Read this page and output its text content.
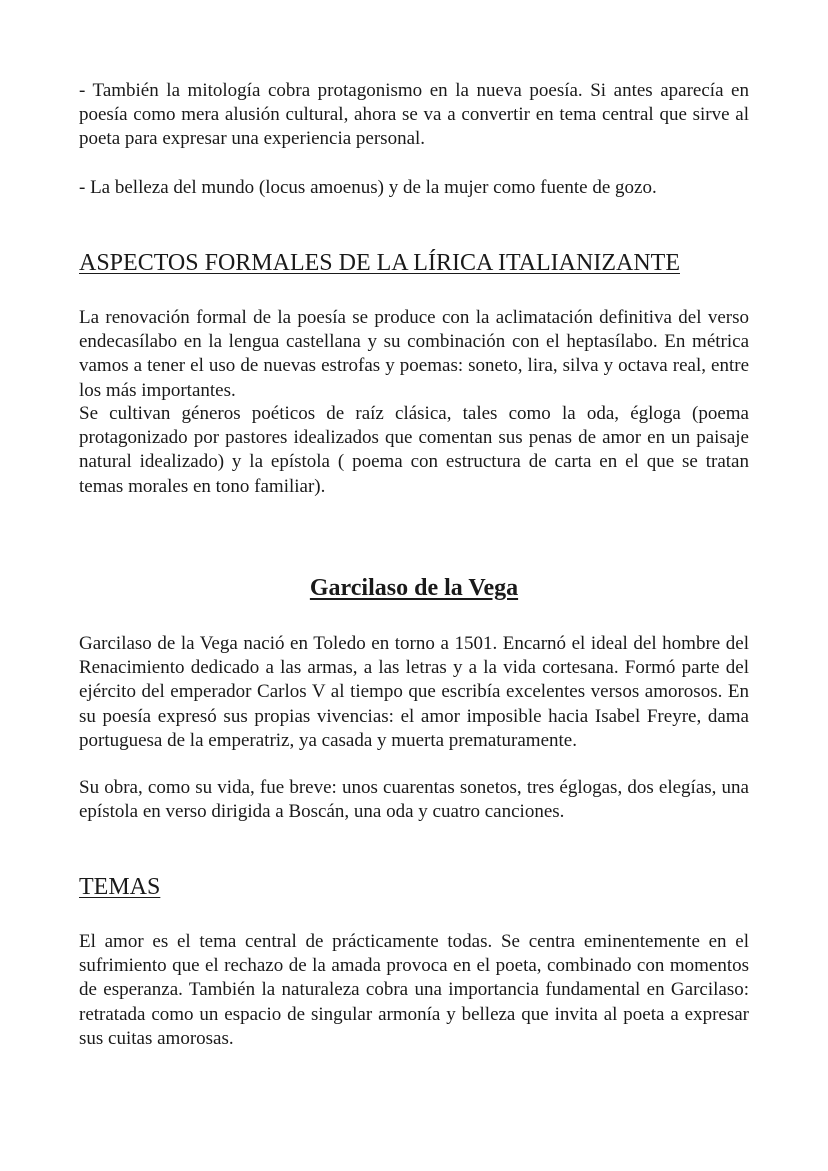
- También la mitología cobra protagonismo en la nueva poesía. Si antes aparecía en poesía como mera alusión cultural, ahora se va a convertir en tema central que sirve al poeta para expresar una experiencia personal.

- La belleza del mundo (locus amoenus) y de la mujer como fuente de gozo.

ASPECTOS FORMALES DE LA LÍRICA ITALIANIZANTE

La renovación formal de la poesía se produce con la aclimatación definitiva del verso endecasílabo en la lengua castellana y su combinación con el heptasílabo. En métrica vamos a tener el uso de nuevas estrofas y poemas: soneto, lira, silva y octava real, entre los más importantes.

Se cultivan géneros poéticos de raíz clásica, tales como la oda, égloga (poema protagonizado por pastores idealizados que comentan sus penas de amor en un paisaje natural idealizado) y la epístola ( poema con estructura de carta en el que se tratan temas morales en tono familiar).

Garcilaso de la Vega

Garcilaso de la Vega nació en Toledo en torno a 1501. Encarnó el ideal del hombre del Renacimiento dedicado a las armas, a las letras y a la vida cortesana. Formó parte del ejército del emperador Carlos V al tiempo que escribía excelentes versos amorosos. En su poesía expresó sus propias vivencias: el amor imposible hacia Isabel Freyre, dama portuguesa de la emperatriz, ya casada y muerta prematuramente.

Su obra, como su vida, fue breve: unos cuarentas sonetos, tres églogas, dos elegías, una epístola en verso dirigida a Boscán, una oda y cuatro canciones.

TEMAS

El amor es el tema central de prácticamente todas. Se centra eminentemente en el sufrimiento que el rechazo de la amada provoca en el poeta, combinado con momentos de esperanza. También la naturaleza cobra una importancia fundamental en Garcilaso: retratada como un espacio de singular armonía y belleza que invita al poeta a expresar sus cuitas amorosas.
